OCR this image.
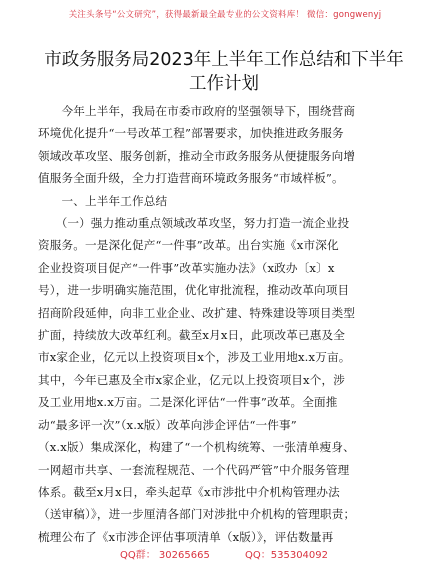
关注头条号“公文研究”，获得最新最全最专业的公文资料库！ 微信：gongwenyj
市政务服务局2023年上半年工作总结和下半年
工作计划

　　今年上半年，我局在市委市政府的坚强领导下，围绕营商
环境优化提升“一号改革工程”部署要求，加快推进政务服务
领域改革攻坚、服务创新，推动全市政务服务从便捷服务向增
值服务全面升级，全力打造营商环境政务服务“市域样板”。

　　一、上半年工作总结

　　（一）强力推动重点领域改革攻坚，努力打造一流企业投
资服务。一是深化促产“一件事”改革。出台实施《x市深化
企业投资项目促产“一件事”改革实施办法》（x政办〔x〕x
号），进一步明确实施范围，优化审批流程，推动改革向项目
招商阶段延伸，向非工业企业、改扩建、特殊建设等项目类型
扩面，持续放大改革红利。截至x月x日，此项改革已惠及全
市x家企业，亿元以上投资项目x个，涉及工业用地x.x万亩。
其中，今年已惠及全市x家企业，亿元以上投资项目x个，涉
及工业用地x.x万亩。二是深化评估“一件事”改革。全面推
动“最多评一次”（x.x版）改革向涉企评估“一件事”
（x.x版）集成深化，构建了“一个机构统筹、一张清单瘦身、
一网超市共享、一套流程规范、一个代码严管”中介服务管理
体系。截至x月x日，牵头起草《x市涉批中介机构管理办法
（送审稿）》，进一步厘清各部门对涉批中介机构的管理职责；
梳理公布了《x市涉企评估事项清单（x版）》，评估数量再

QQ群： 30265665	QQ：535304092
